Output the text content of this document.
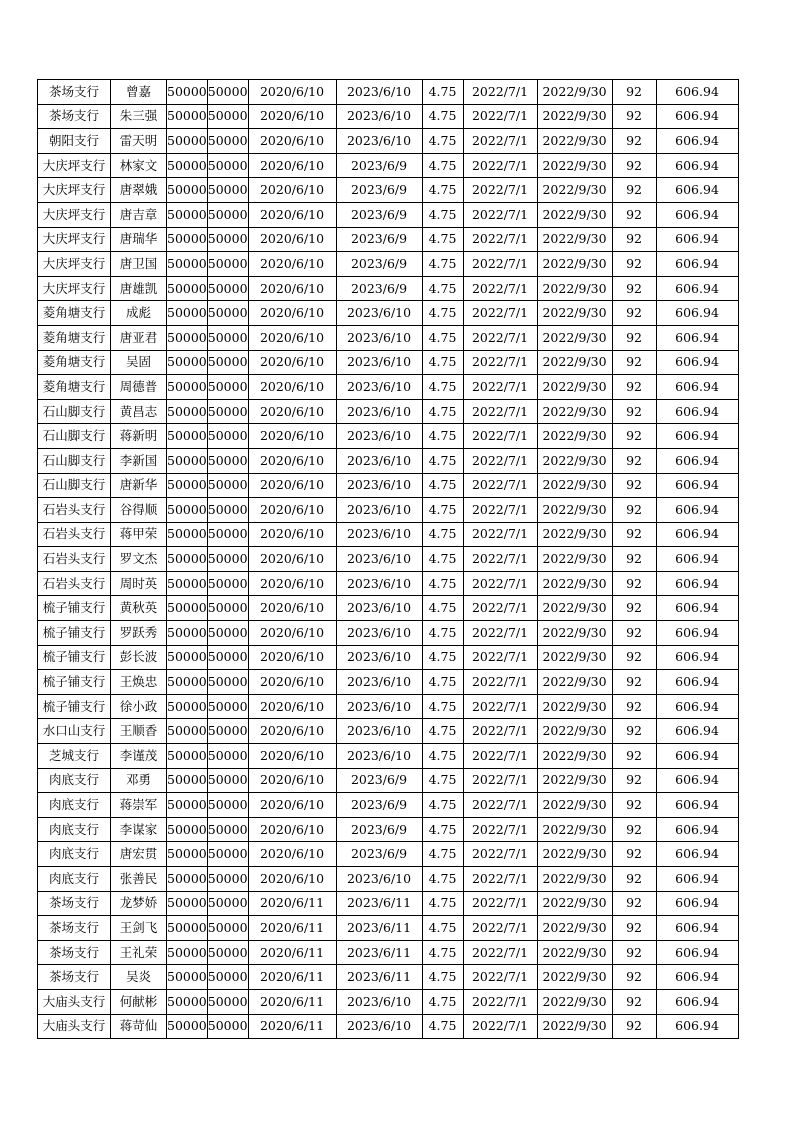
茶场支行	曾嘉	50000	50000	2020/6/10	2023/6/10	4.75	2022/7/1	2022/9/30	92	606.94
茶场支行	朱三强	50000	50000	2020/6/10	2023/6/10	4.75	2022/7/1	2022/9/30	92	606.94
朝阳支行	雷天明	50000	50000	2020/6/10	2023/6/10	4.75	2022/7/1	2022/9/30	92	606.94
大庆坪支行	林家文	50000	50000	2020/6/10	2023/6/9	4.75	2022/7/1	2022/9/30	92	606.94
大庆坪支行	唐翠娥	50000	50000	2020/6/10	2023/6/9	4.75	2022/7/1	2022/9/30	92	606.94
大庆坪支行	唐吉章	50000	50000	2020/6/10	2023/6/9	4.75	2022/7/1	2022/9/30	92	606.94
大庆坪支行	唐瑞华	50000	50000	2020/6/10	2023/6/9	4.75	2022/7/1	2022/9/30	92	606.94
大庆坪支行	唐卫国	50000	50000	2020/6/10	2023/6/9	4.75	2022/7/1	2022/9/30	92	606.94
大庆坪支行	唐雄凯	50000	50000	2020/6/10	2023/6/9	4.75	2022/7/1	2022/9/30	92	606.94
菱角塘支行	成彪	50000	50000	2020/6/10	2023/6/10	4.75	2022/7/1	2022/9/30	92	606.94
菱角塘支行	唐亚君	50000	50000	2020/6/10	2023/6/10	4.75	2022/7/1	2022/9/30	92	606.94
菱角塘支行	吴固	50000	50000	2020/6/10	2023/6/10	4.75	2022/7/1	2022/9/30	92	606.94
菱角塘支行	周德普	50000	50000	2020/6/10	2023/6/10	4.75	2022/7/1	2022/9/30	92	606.94
石山脚支行	黄昌志	50000	50000	2020/6/10	2023/6/10	4.75	2022/7/1	2022/9/30	92	606.94
石山脚支行	蒋新明	50000	50000	2020/6/10	2023/6/10	4.75	2022/7/1	2022/9/30	92	606.94
石山脚支行	李新国	50000	50000	2020/6/10	2023/6/10	4.75	2022/7/1	2022/9/30	92	606.94
石山脚支行	唐新华	50000	50000	2020/6/10	2023/6/10	4.75	2022/7/1	2022/9/30	92	606.94
石岩头支行	谷得顺	50000	50000	2020/6/10	2023/6/10	4.75	2022/7/1	2022/9/30	92	606.94
石岩头支行	蒋甲荣	50000	50000	2020/6/10	2023/6/10	4.75	2022/7/1	2022/9/30	92	606.94
石岩头支行	罗文杰	50000	50000	2020/6/10	2023/6/10	4.75	2022/7/1	2022/9/30	92	606.94
石岩头支行	周时英	50000	50000	2020/6/10	2023/6/10	4.75	2022/7/1	2022/9/30	92	606.94
梳子铺支行	黄秋英	50000	50000	2020/6/10	2023/6/10	4.75	2022/7/1	2022/9/30	92	606.94
梳子铺支行	罗跃秀	50000	50000	2020/6/10	2023/6/10	4.75	2022/7/1	2022/9/30	92	606.94
梳子铺支行	彭长波	50000	50000	2020/6/10	2023/6/10	4.75	2022/7/1	2022/9/30	92	606.94
梳子铺支行	王焕忠	50000	50000	2020/6/10	2023/6/10	4.75	2022/7/1	2022/9/30	92	606.94
梳子铺支行	徐小政	50000	50000	2020/6/10	2023/6/10	4.75	2022/7/1	2022/9/30	92	606.94
水口山支行	王顺香	50000	50000	2020/6/10	2023/6/10	4.75	2022/7/1	2022/9/30	92	606.94
芝城支行	李谨茂	50000	50000	2020/6/10	2023/6/10	4.75	2022/7/1	2022/9/30	92	606.94
肉底支行	邓勇	50000	50000	2020/6/10	2023/6/9	4.75	2022/7/1	2022/9/30	92	606.94
肉底支行	蒋崇军	50000	50000	2020/6/10	2023/6/9	4.75	2022/7/1	2022/9/30	92	606.94
肉底支行	李谋家	50000	50000	2020/6/10	2023/6/9	4.75	2022/7/1	2022/9/30	92	606.94
肉底支行	唐宏贯	50000	50000	2020/6/10	2023/6/9	4.75	2022/7/1	2022/9/30	92	606.94
肉底支行	张善民	50000	50000	2020/6/10	2023/6/10	4.75	2022/7/1	2022/9/30	92	606.94
茶场支行	龙梦娇	50000	50000	2020/6/11	2023/6/11	4.75	2022/7/1	2022/9/30	92	606.94
茶场支行	王剑飞	50000	50000	2020/6/11	2023/6/11	4.75	2022/7/1	2022/9/30	92	606.94
茶场支行	王礼荣	50000	50000	2020/6/11	2023/6/11	4.75	2022/7/1	2022/9/30	92	606.94
茶场支行	吴炎	50000	50000	2020/6/11	2023/6/11	4.75	2022/7/1	2022/9/30	92	606.94
大庙头支行	何献彬	50000	50000	2020/6/11	2023/6/10	4.75	2022/7/1	2022/9/30	92	606.94
大庙头支行	蒋苛仙	50000	50000	2020/6/11	2023/6/10	4.75	2022/7/1	2022/9/30	92	606.94
